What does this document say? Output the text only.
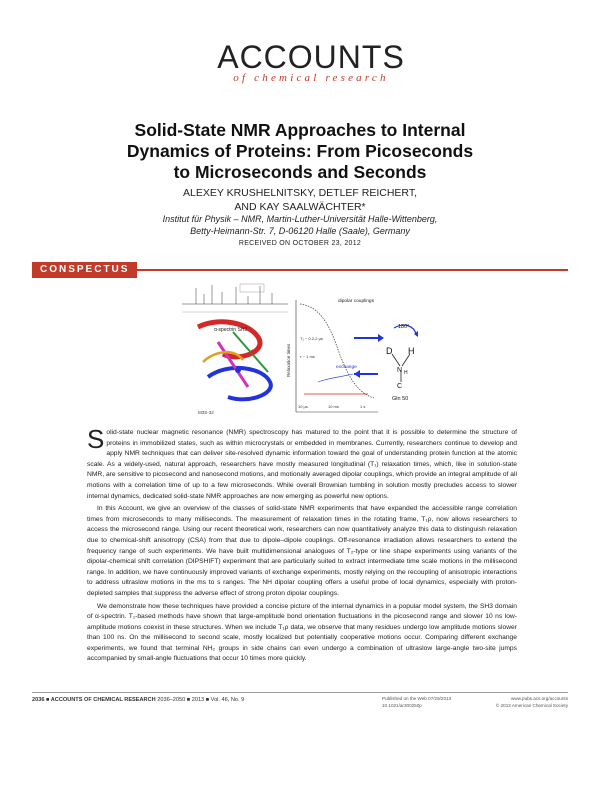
ACCOUNTS
of chemical research
Solid-State NMR Approaches to Internal
Dynamics of Proteins: From Picoseconds
to Microseconds and Seconds
ALEXEY KRUSHELNITSKY, DETLEF REICHERT,
AND KAY SAALWÄCHTER*
Institut für Physik – NMR, Martin-Luther-Universität Halle-Wittenberg,
Betty-Heimann-Str. 7, D-06120 Halle (Saale), Germany
RECEIVED ON OCTOBER 23, 2012
CONSPECTUS
α-spectrin SH3
M3S-32
Relaxation times
dipolar couplings
exchange
T₁ ~ 0.2-2 µs
τ ~ 1 ms
10 µs	10 ms	1 s
D H
N H
C
Gln 50
180°

Solid-state nuclear magnetic resonance (NMR) spectroscopy has matured to the point that it is possible to determine the structure of proteins in immobilized states, such as within microcrystals or embedded in membranes. Currently, researchers continue to develop and apply NMR techniques that can deliver site-resolved dynamic information toward the goal of understanding protein function at the atomic scale. As a widely-used, natural approach, researchers have mostly measured longitudinal (T₁) relaxation times, which, like in solution-state NMR, are sensitive to picosecond and nanosecond motions, and motionally averaged dipolar couplings, which provide an integral amplitude of all motions with a correlation time of up to a few microseconds. While overall Brownian tumbling in solution mostly precludes access to slower internal dynamics, dedicated solid-state NMR approaches are now emerging as powerful new options.

In this Account, we give an overview of the classes of solid-state NMR experiments that have expanded the accessible range correlation times from microseconds to many milliseconds. The measurement of relaxation times in the rotating frame, T₁ρ, now allows researchers to access the microsecond range. Using our recent theoretical work, researchers can now quantitatively analyze this data to distinguish relaxation due to chemical-shift anisotropy (CSA) from that due to dipole–dipole couplings. Off-resonance irradiation allows researchers to extend the frequency range of such experiments. We have built multidimensional analogues of T₂-type or line shape experiments using variants of the dipolar-chemical shift correlation (DIPSHIFT) experiment that are particularly suited to extract intermediate time scale motions in the millisecond range. In addition, we have continuously improved variants of exchange experiments, mostly relying on the recoupling of anisotropic interactions to address ultraslow motions in the ms to s ranges. The NH dipolar coupling offers a useful probe of local dynamics, especially with proton-depleted samples that suppress the adverse effect of strong proton dipolar couplings.

We demonstrate how these techniques have provided a concise picture of the internal dynamics in a popular model system, the SH3 domain of α-spectrin. T₁-based methods have shown that large-amplitude bond orientation fluctuations in the picosecond range and slower 10 ns low-amplitude motions coexist in these structures. When we include T₁ρ data, we observe that many residues undergo low amplitude motions slower than 100 ns. On the millisecond to second scale, mostly localized but potentially cooperative motions occur. Comparing different exchange experiments, we found that terminal NH₂ groups in side chains can even undergo a combination of ultraslow large-angle two-site jumps accompanied by small-angle fluctuations that occur 10 times more quickly.

2036 ■ ACCOUNTS OF CHEMICAL RESEARCH 2036–2050 ■ 2013 ■ Vol. 46, No. 9	Published on the Web 07/29/2013
10.1021/ar300250p
www.pubs.acs.org/accounts
© 2013 American Chemical Society
